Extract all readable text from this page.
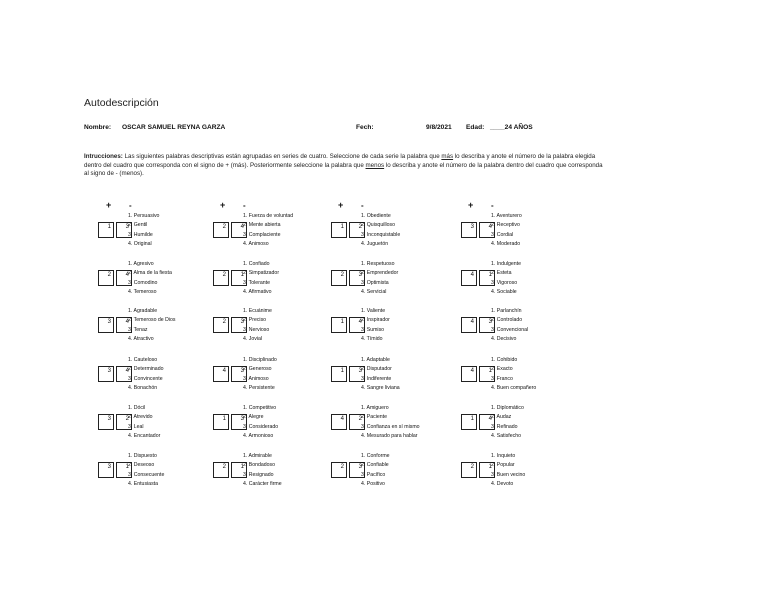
Autodescripción
Nombre: OSCAR SAMUEL REYNA GARZA	Fech:	9/8/2021 Edad: ____24 AÑOS
Intrucciones: Las siguientes palabras descriptivas están agrupadas en series de cuatro. Seleccione de cada serie la palabra que más lo describa y anote el número de la palabra elegida dentro del cuadro que corresponda con el signo de + (más). Posteriormente seleccione la palabra que menos lo describa y anote el número de la palabra dentro del cuadro que corresponda al signo de - (menos).
+ -	+ -	+ -	+ -
1	3
1. Persuasivo
2. Gentil
3. Humilde
4. Original
2	4
1. Fuerza de voluntad
2. Mente abierta
3. Complaciente
4. Animoso
1	2
1. Obediente
2. Quisquilloso
3. Inconquistable
4. Juguetón
3	4
1. Aventurero
2. Receptivo
3. Cordial
4. Moderado
2	4
1. Agresivo
2. Alma de la fiesta
3. Comodino
4. Temeroso
2	1
1. Confiado
2. Simpatizador
3. Tolerante
4. Afirmativo
2	3
1. Respetuoso
2. Emprendedor
3. Optimista
4. Servicial
4	1
1. Indulgente
2. Esteta
3. Vigoroso
4. Sociable
3	4
1. Agradable
2. Temeroso de Dios
3. Tenaz
4. Atractivo
2	3
1. Ecuánime
2. Preciso
3. Nervioso
4. Jovial
1	4
1. Valiente
2. Inspirador
3. Sumiso
4. Tímido
4	3
1. Parlanchín
2. Controlado
3. Convencional
4. Decisivo
3	4
1. Cauteloso
2. Determinado
3. Convincente
4. Bonachón
4	3
1. Disciplinado
2. Generoso
3. Animoso
4. Persistente
1	3
1. Adaptable
2. Disputador
3. Indiferente
4. Sangre liviana
4	1
1. Cohibido
2. Exacto
3. Franco
4. Buen compañero
3	2
1. Dócil
2. Atrevido
3. Leal
4. Encantador
1	3
1. Competitivo
2. Alegre
3. Considerado
4. Armonioso
4	2
1. Amiguero
2. Paciente
3. Confianza en sí mismo
4. Mesurado para hablar
1	4
1. Diplomático
2. Audaz
3. Refinado
4. Satisfecho
3	1
1. Dispuesto
2. Deseoso
3. Consecuente
4. Entusiasta
2	1
1. Admirable
2. Bondadoso
3. Resignado
4. Carácter firme
2	3
1. Conforme
2. Confiable
3. Pacífico
4. Positivo
2	1
1. Inquieto
2. Popular
3. Buen vecino
4. Devoto
